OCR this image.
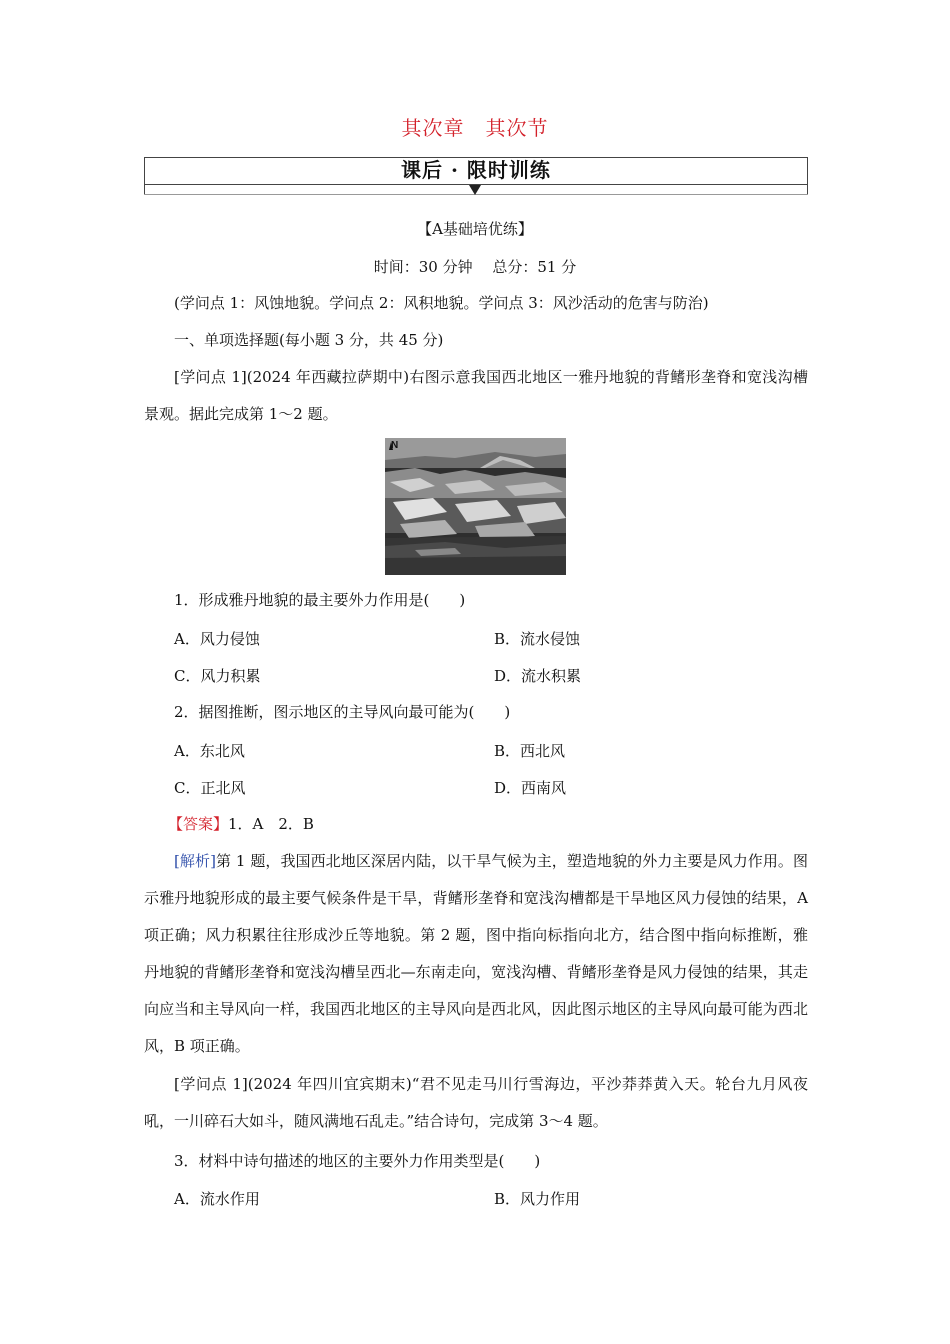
其次章　其次节
课后 · 限时训练
【A基础培优练】
时间：30 分钟　 总分：51 分
(学问点 1：风蚀地貌。学问点 2：风积地貌。学问点 3：风沙活动的危害与防治)
一、单项选择题(每小题 3 分，共 45 分)
[学问点 1](2024 年西藏拉萨期中)右图示意我国西北地区一雅丹地貌的背鳍形垄脊和宽浅沟槽景观。据此完成第 1～2 题。
N
1．形成雅丹地貌的最主要外力作用是(　　)
A．风力侵蚀	B．流水侵蚀
C．风力积累	D．流水积累
2．据图推断，图示地区的主导风向最可能为(　　)
A．东北风	B．西北风
C．正北风	D．西南风
【答案】1．A　2．B
[解析]第 1 题，我国西北地区深居内陆，以干旱气候为主，塑造地貌的外力主要是风力作用。图示雅丹地貌形成的最主要气候条件是干旱，背鳍形垄脊和宽浅沟槽都是干旱地区风力侵蚀的结果，A 项正确；风力积累往往形成沙丘等地貌。第 2 题，图中指向标指向北方，结合图中指向标推断，雅丹地貌的背鳍形垄脊和宽浅沟槽呈西北—东南走向，宽浅沟槽、背鳍形垄脊是风力侵蚀的结果，其走向应当和主导风向一样，我国西北地区的主导风向是西北风，因此图示地区的主导风向最可能为西北风，B 项正确。
[学问点 1](2024 年四川宜宾期末)“君不见走马川行雪海边，平沙莽莽黄入天。轮台九月风夜吼，一川碎石大如斗，随风满地石乱走。”结合诗句，完成第 3～4 题。
3．材料中诗句描述的地区的主要外力作用类型是(　　)
A．流水作用	B．风力作用
